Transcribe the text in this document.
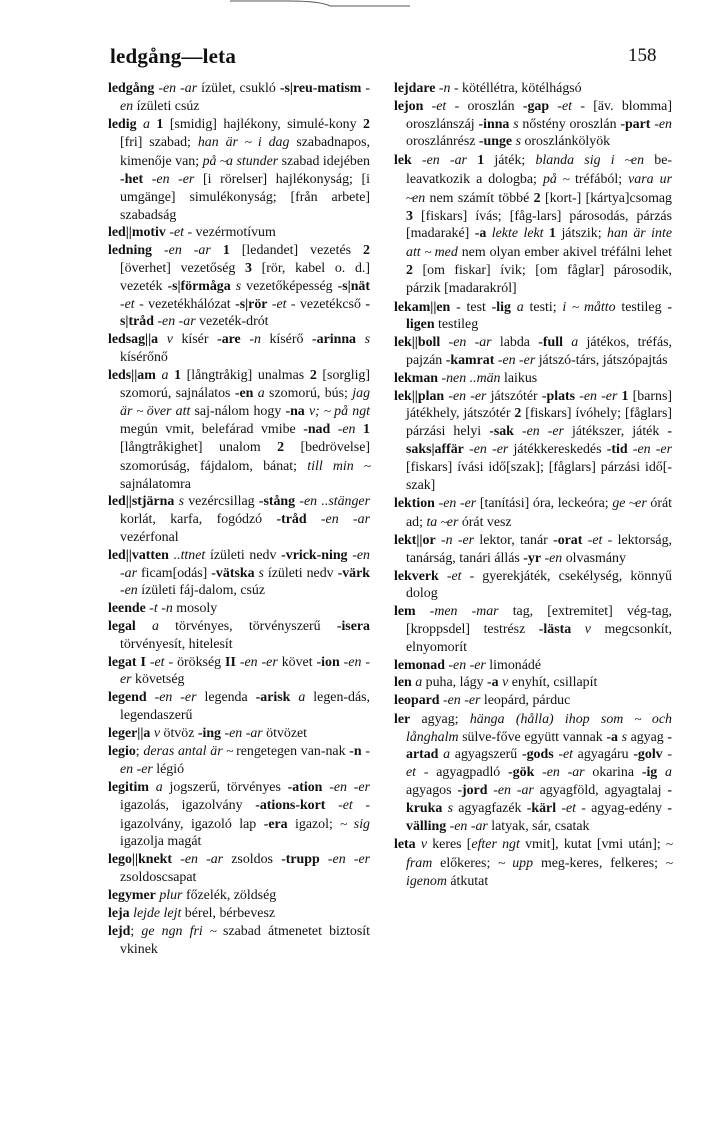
ledgång—leta	158

ledgång -en -ar ízület, csukló -s|reu-matism -en ízületi csúz

ledig a 1 [smidig] hajlékony, simulé-kony 2 [fri] szabad; han är ~ i dag szabadnapos, kimenője van; på ~a stunder szabad idejében -het -en -er [i rörelser] hajlékonyság; [i umgänge] simulékonyság; [från arbete] szabadság

led||motiv -et - vezérmotívum

ledning -en -ar 1 [ledandet] vezetés 2 [överhet] vezetőség 3 [rör, kabel o. d.] vezeték -s|förmåga s vezetőképesség -s|nät -et - vezetékhálózat -s|rör -et - vezetékcső -s|tråd -en -ar vezeték-drót

ledsag||a v kísér -are -n kísérő -arinna s kísérőnő

leds||am a 1 [långtråkig] unalmas 2 [sorglig] szomorú, sajnálatos -en a szomorú, bús; jag är ~ över att saj-nálom hogy -na v; ~ på ngt megún vmit, belefárad vmibe -nad -en 1 [långtråkighet] unalom 2 [bedrövelse] szomorúság, fájdalom, bánat; till min ~ sajnálatomra

led||stjärna s vezércsillag -stång -en ..stänger korlát, karfa, fogódzó -tråd -en -ar vezérfonal

led||vatten ..ttnet ízületi nedv -vrick-ning -en -ar ficam[odás] -vätska s ízületi nedv -värk -en ízületi fáj-dalom, csúz

leende -t -n mosoly

legal a törvényes, törvényszerű -isera törvényesít, hitelesít

legat I -et - örökség II -en -er követ -ion -en -er követség

legend -en -er legenda -arisk a legen-dás, legendaszerű

leger||a v ötvöz -ing -en -ar ötvözet

legio; deras antal är ~ rengetegen van-nak -n -en -er légió

legitim a jogszerű, törvényes -ation -en -er igazolás, igazolvány -ations-kort -et - igazolvány, igazoló lap -era igazol; ~ sig igazolja magát

lego||knekt -en -ar zsoldos -trupp -en -er zsoldoscsapat

legymer plur főzelék, zöldség

leja lejde lejt bérel, bérbevesz

lejd; ge ngn fri ~ szabad átmenetet biztosít vkinek

lejdare -n - kötéllétra, kötélhágsó

lejon -et - oroszlán -gap -et - [äv. blomma] oroszlánszáj -inna s nőstény oroszlán -part -en oroszlánrész -unge s oroszlánkölyök

lek -en -ar 1 játék; blanda sig i ~en be-leavatkozik a dologba; på ~ tréfából; vara ur ~en nem számít többé 2 [kort-] [kártya]csomag 3 [fiskars] ívás; [fåg-lars] párosodás, párzás [madaraké] -a lekte lekt 1 játszik; han är inte att ~ med nem olyan ember akivel tréfálni lehet 2 [om fiskar] ívik; [om fåglar] párosodik, párzik [madarakról]

lekam||en - test -lig a testi; i ~ måtto testileg -ligen testileg

lek||boll -en -ar labda -full a játékos, tréfás, pajzán -kamrat -en -er játszó-társ, játszópajtás

lekman -nen ..män laikus

lek||plan -en -er játszótér -plats -en -er 1 [barns] játékhely, játszótér 2 [fiskars] ívóhely; [fåglars] párzási helyi -sak -en -er játékszer, játék -saks|affär -en -er játékkereskedés -tid -en -er [fiskars] ívási idő[szak]; [fåglars] párzási idő[-szak]

lektion -en -er [tanítási] óra, leckeóra; ge ~er órát ad; ta ~er órát vesz

lekt||or -n -er lektor, tanár -orat -et - lektorság, tanárság, tanári állás -yr -en olvasmány

lekverk -et - gyerekjáték, csekélység, könnyű dolog

lem -men -mar tag, [extremitet] vég-tag, [kroppsdel] testrész -lästa v megcsonkít, elnyomorít

lemonad -en -er limonádé

len a puha, lágy -a v enyhít, csillapít

leopard -en -er leopárd, párduc

ler agyag; hänga (hålla) ihop som ~ och långhalm sülve-főve együtt vannak -a s agyag -artad a agyagszerű -gods -et agyagáru -golv -et - agyagpadló -gök -en -ar okarina -ig a agyagos -jord -en -ar agyagföld, agyagtalaj -kruka s agyagfazék -kärl -et - agyag-edény -välling -en -ar latyak, sár, csatak

leta v keres [efter ngt vmit], kutat [vmi után]; ~ fram előkeres; ~ upp meg-keres, felkeres; ~ igenom átkutat
